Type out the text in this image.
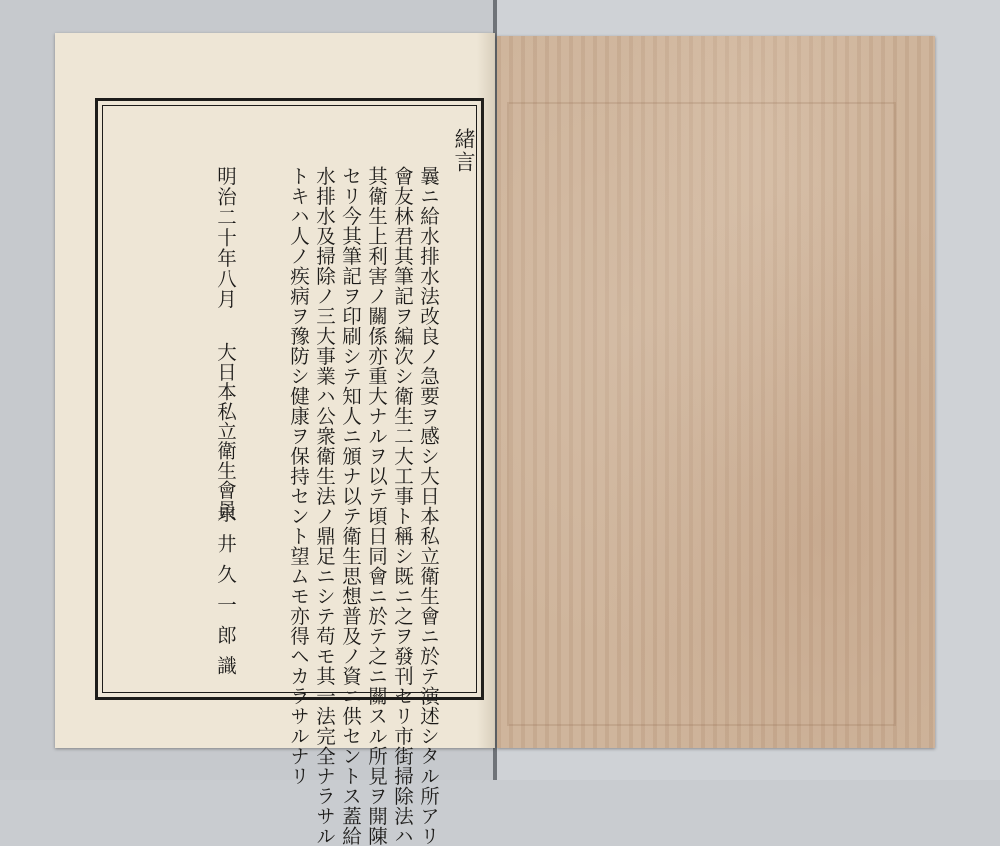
緒言
曩ニ給水排水法改良ノ急要ヲ感シ大日本私立衛生會ニ於テ演述シタル所アリ
會友林君其筆記ヲ編次シ衛生二大工事ト稱シ既ニ之ヲ發刊セリ市街掃除法ハ
其衛生上利害ノ關係亦重大ナルヲ以テ頃日同會ニ於テ之ニ關スル所見ヲ開陳
セリ今其筆記ヲ印刷シテ知人ニ頒ナ以テ衛生思想普及ノ資ニ供セントス蓋給
水排水及掃除ノ三大事業ハ公衆衛生法ノ鼎足ニシテ苟モ其一法完全ナラサル
トキハ人ノ疾病ヲ豫防シ健康ヲ保持セント望ムモ亦得ヘカラサルナリ
明治二十年八月
大日本私立衛生會員
永井久一郎識
